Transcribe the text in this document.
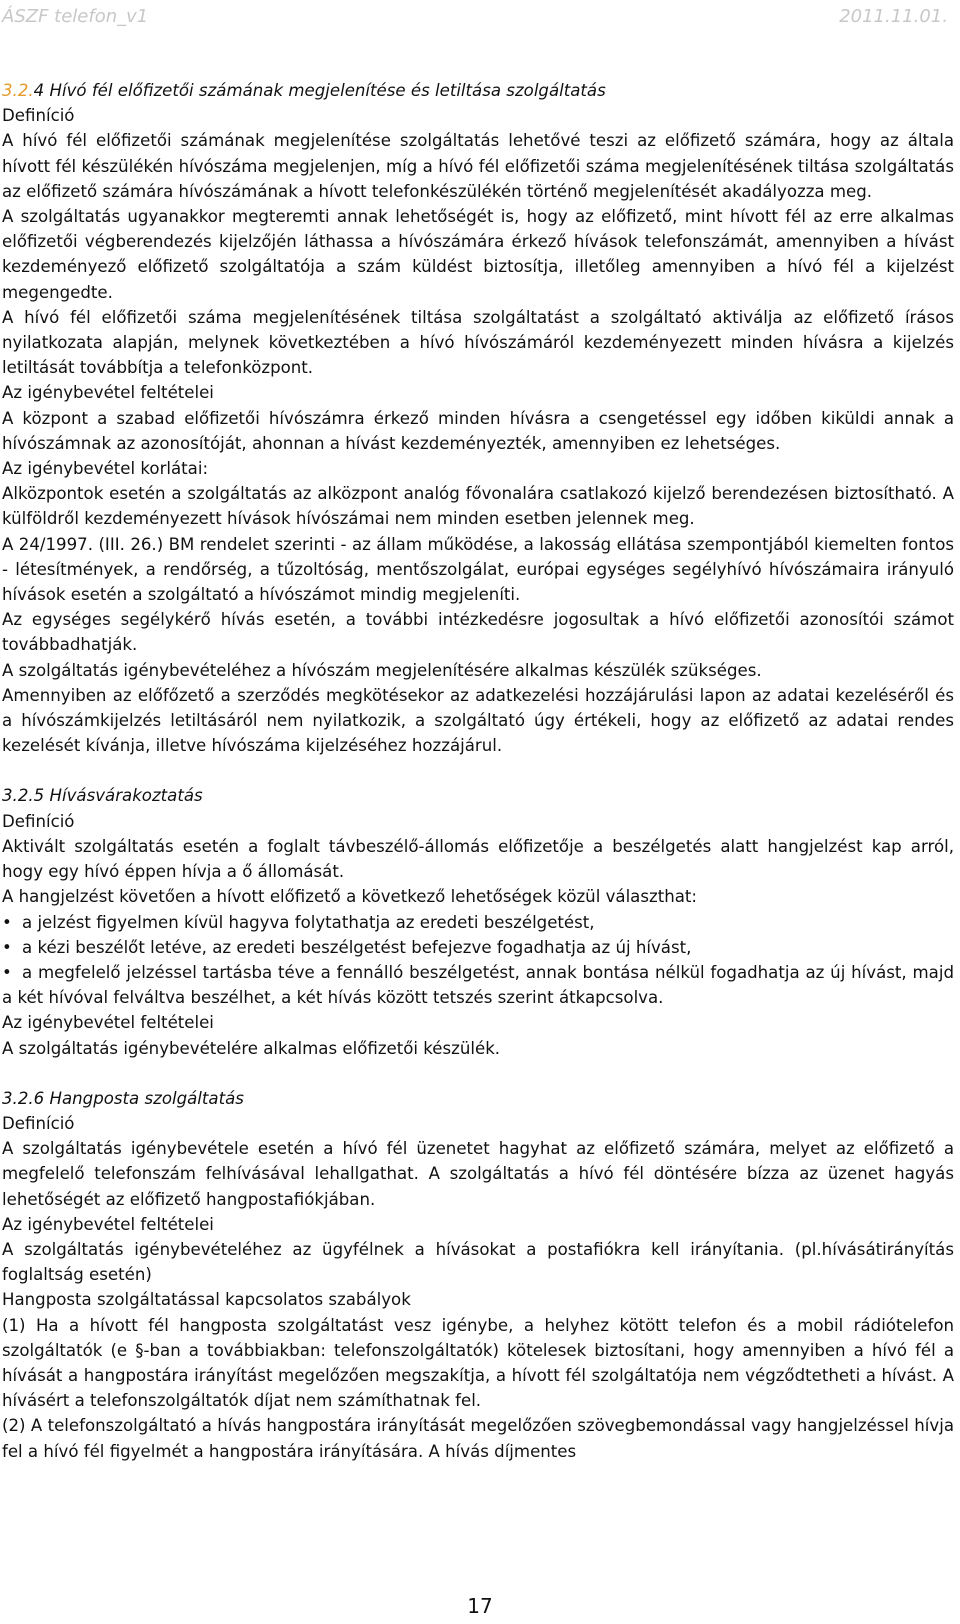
ÁSZF telefon_v1	2011.11.01.

3.2.4 Hívó fél előfizetői számának megjelenítése és letiltása szolgáltatás

Definíció

A hívó fél előfizetői számának megjelenítése szolgáltatás lehetővé teszi az előfizető számára, hogy az általa hívott fél készülékén hívószáma megjelenjen, míg a hívó fél előfizetői száma megjelenítésének tiltása szolgáltatás az előfizető számára hívószámának a hívott telefonkészülékén történő megjelenítését akadályozza meg.

A szolgáltatás ugyanakkor megteremti annak lehetőségét is, hogy az előfizető, mint hívott fél az erre alkalmas előfizetői végberendezés kijelzőjén láthassa a hívószámára érkező hívások telefonszámát, amennyiben a hívást kezdeményező előfizető szolgáltatója a szám küldést biztosítja, illetőleg amennyiben a hívó fél a kijelzést megengedte.

A hívó fél előfizetői száma megjelenítésének tiltása szolgáltatást a szolgáltató aktiválja az előfizető írásos nyilatkozata alapján, melynek következtében a hívó hívószámáról kezdeményezett minden hívásra a kijelzés letiltását továbbítja a telefonközpont.

Az igénybevétel feltételei

A központ a szabad előfizetői hívószámra érkező minden hívásra a csengetéssel egy időben kiküldi annak a hívószámnak az azonosítóját, ahonnan a hívást kezdeményezték, amennyiben ez lehetséges.

Az igénybevétel korlátai:

Alközpontok esetén a szolgáltatás az alközpont analóg fővonalára csatlakozó kijelző berendezésen biztosítható. A külföldről kezdeményezett hívások hívószámai nem minden esetben jelennek meg.

A 24/1997. (III. 26.) BM rendelet szerinti - az állam működése, a lakosság ellátása szempontjából kiemelten fontos - létesítmények, a rendőrség, a tűzoltóság, mentőszolgálat, európai egységes segélyhívó hívószámaira irányuló hívások esetén a szolgáltató a hívószámot mindig megjeleníti.

Az egységes segélykérő hívás esetén, a további intézkedésre jogosultak a hívó előfizetői azonosítói számot továbbadhatják.

A szolgáltatás igénybevételéhez a hívószám megjelenítésére alkalmas készülék szükséges.

Amennyiben az előfőzető a szerződés megkötésekor az adatkezelési hozzájárulási lapon az adatai kezeléséről és a hívószámkijelzés letiltásáról nem nyilatkozik, a szolgáltató úgy értékeli, hogy az előfizető az adatai rendes kezelését kívánja, illetve hívószáma kijelzéséhez hozzájárul.

3.2.5 Hívásvárakoztatás

Definíció

Aktivált szolgáltatás esetén a foglalt távbeszélő-állomás előfizetője a beszélgetés alatt hangjelzést kap arról, hogy egy hívó éppen hívja a ő állomását.

A hangjelzést követően a hívott előfizető a következő lehetőségek közül választhat:

• a jelzést figyelmen kívül hagyva folytathatja az eredeti beszélgetést,

• a kézi beszélőt letéve, az eredeti beszélgetést befejezve fogadhatja az új hívást,

• a megfelelő jelzéssel tartásba téve a fennálló beszélgetést, annak bontása nélkül fogadhatja az új hívást, majd a két hívóval felváltva beszélhet, a két hívás között tetszés szerint átkapcsolva.

Az igénybevétel feltételei

A szolgáltatás igénybevételére alkalmas előfizetői készülék.

3.2.6 Hangposta szolgáltatás

Definíció

A szolgáltatás igénybevétele esetén a hívó fél üzenetet hagyhat az előfizető számára, melyet az előfizető a megfelelő telefonszám felhívásával lehallgathat. A szolgáltatás a hívó fél döntésére bízza az üzenet hagyás lehetőségét az előfizető hangpostafiókjában.

Az igénybevétel feltételei

A szolgáltatás igénybevételéhez az ügyfélnek a hívásokat a postafiókra kell irányítania. (pl.hívásátirányítás foglaltság esetén)

Hangposta szolgáltatással kapcsolatos szabályok

(1) Ha a hívott fél hangposta szolgáltatást vesz igénybe, a helyhez kötött telefon és a mobil rádiótelefon szolgáltatók (e §-ban a továbbiakban: telefonszolgáltatók) kötelesek biztosítani, hogy amennyiben a hívó fél a hívását a hangpostára irányítást megelőzően megszakítja, a hívott fél szolgáltatója nem végződtetheti a hívást. A hívásért a telefonszolgáltatók díjat nem számíthatnak fel.

(2) A telefonszolgáltató a hívás hangpostára irányítását megelőzően szövegbemondással vagy hangjelzéssel hívja fel a hívó fél figyelmét a hangpostára irányítására. A hívás díjmentes

17
